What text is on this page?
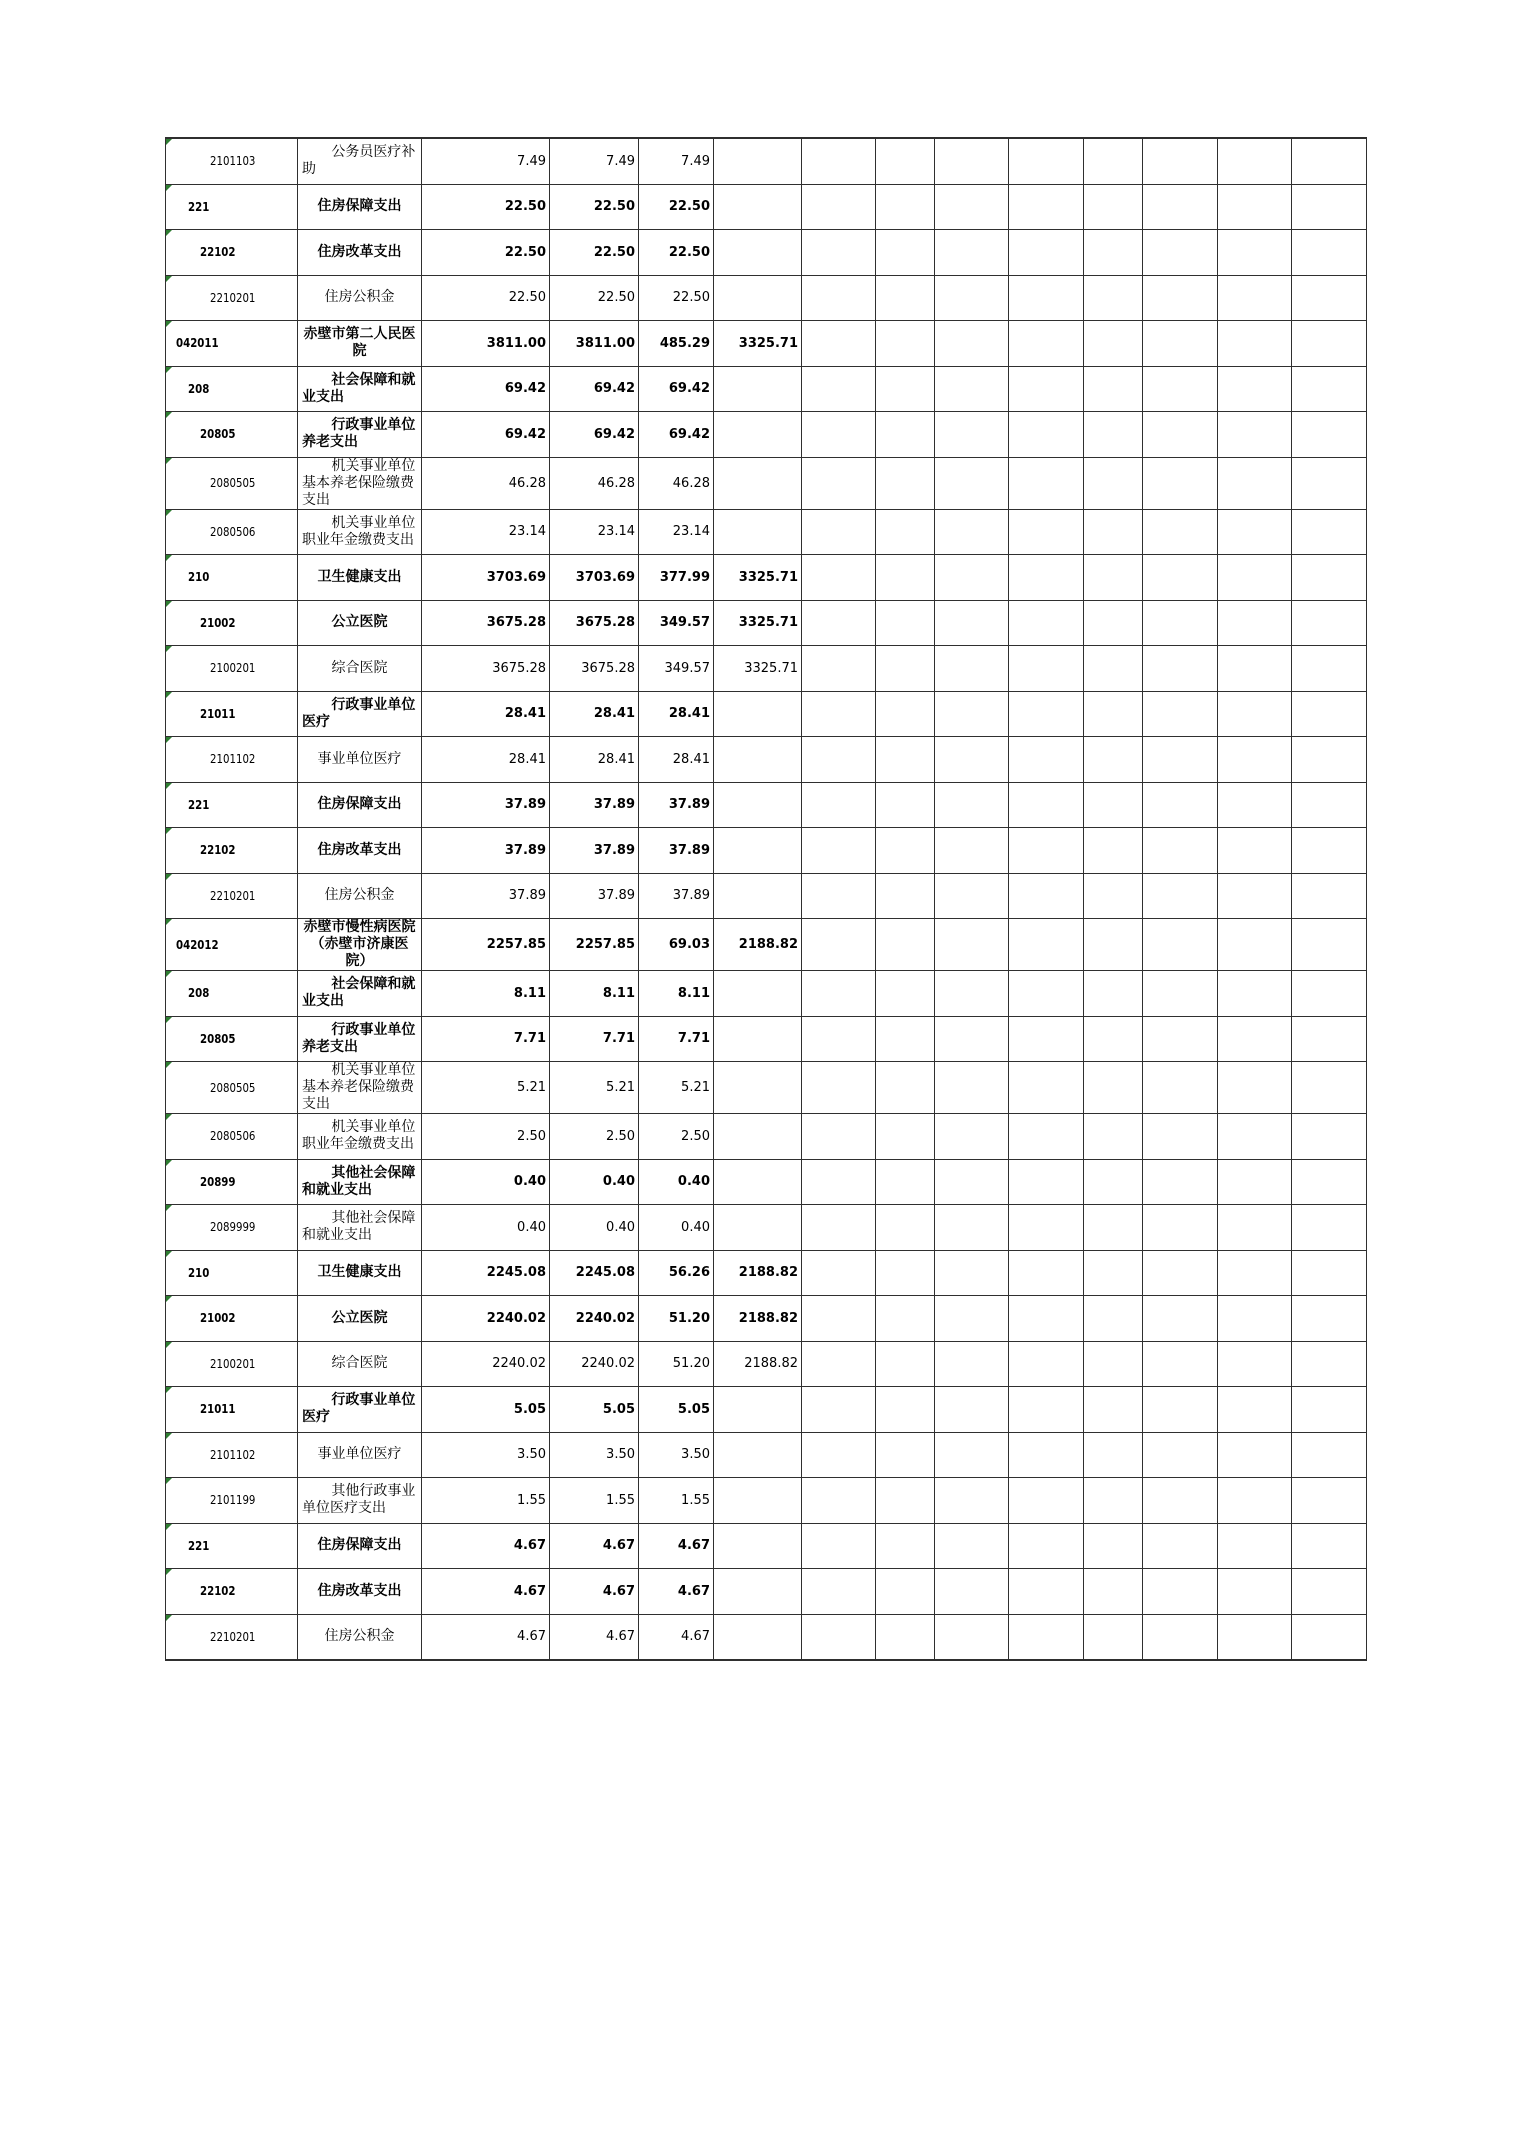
2101103	公务员医疗补助	7.49	7.49	7.49									

221	住房保障支出	22.50	22.50	22.50									

22102	住房改革支出	22.50	22.50	22.50									

2210201	住房公积金	22.50	22.50	22.50									

042011	赤壁市第二人民医院	3811.00	3811.00	485.29	3325.71								

208	社会保障和就业支出	69.42	69.42	69.42									

20805	行政事业单位养老支出	69.42	69.42	69.42									

2080505	机关事业单位基本养老保险缴费支出	46.28	46.28	46.28									

2080506	机关事业单位职业年金缴费支出	23.14	23.14	23.14									

210	卫生健康支出	3703.69	3703.69	377.99	3325.71								

21002	公立医院	3675.28	3675.28	349.57	3325.71								

2100201	综合医院	3675.28	3675.28	349.57	3325.71								

21011	行政事业单位医疗	28.41	28.41	28.41									

2101102	事业单位医疗	28.41	28.41	28.41									

221	住房保障支出	37.89	37.89	37.89									

22102	住房改革支出	37.89	37.89	37.89									

2210201	住房公积金	37.89	37.89	37.89									

042012	赤壁市慢性病医院（赤壁市济康医院）	2257.85	2257.85	69.03	2188.82								

208	社会保障和就业支出	8.11	8.11	8.11									

20805	行政事业单位养老支出	7.71	7.71	7.71									

2080505	机关事业单位基本养老保险缴费支出	5.21	5.21	5.21									

2080506	机关事业单位职业年金缴费支出	2.50	2.50	2.50									

20899	其他社会保障和就业支出	0.40	0.40	0.40									

2089999	其他社会保障和就业支出	0.40	0.40	0.40									

210	卫生健康支出	2245.08	2245.08	56.26	2188.82								

21002	公立医院	2240.02	2240.02	51.20	2188.82								

2100201	综合医院	2240.02	2240.02	51.20	2188.82								

21011	行政事业单位医疗	5.05	5.05	5.05									

2101102	事业单位医疗	3.50	3.50	3.50									

2101199	其他行政事业单位医疗支出	1.55	1.55	1.55									

221	住房保障支出	4.67	4.67	4.67									

22102	住房改革支出	4.67	4.67	4.67									

2210201	住房公积金	4.67	4.67	4.67									
